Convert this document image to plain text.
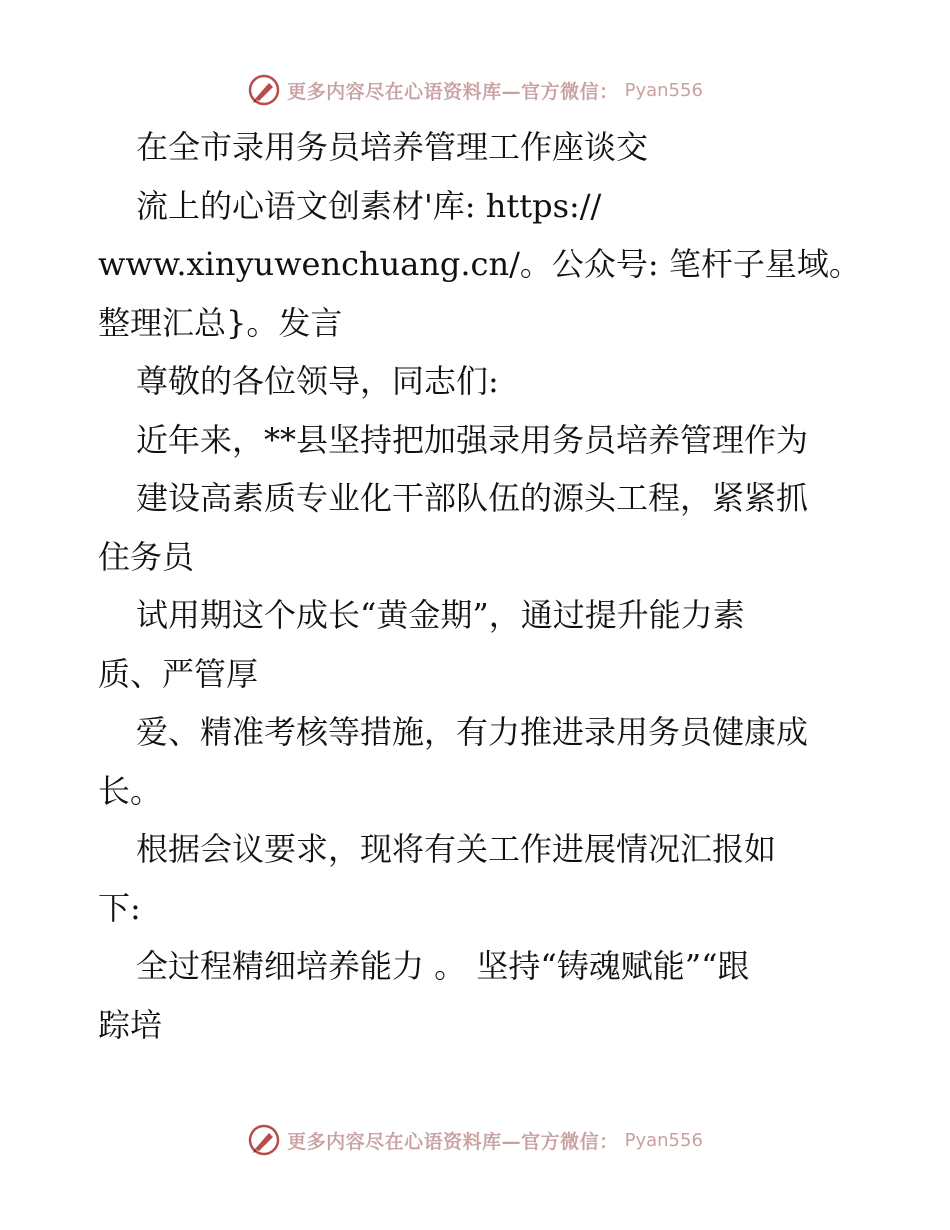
更多内容尽在心语资料库—官方微信： Pyan556
在全市录用务员培养管理工作座谈交
流上的心语文创素材'库: https://
www.xinyuwenchuang.cn/。公众号: 笔杆子星域。
整理汇总}。发言
尊敬的各位领导，同志们:
近年来，**县坚持把加强录用务员培养管理作为
建设高素质专业化干部队伍的源头工程，紧紧抓
住务员
试用期这个成长“黄金期”，通过提升能力素
质、严管厚
爱、精准考核等措施，有力推进录用务员健康成
长。
根据会议要求，现将有关工作进展情况汇报如
下:
全过程精细培养能力 。 坚持“铸魂赋能”“跟
踪培
更多内容尽在心语资料库—官方微信： Pyan556
